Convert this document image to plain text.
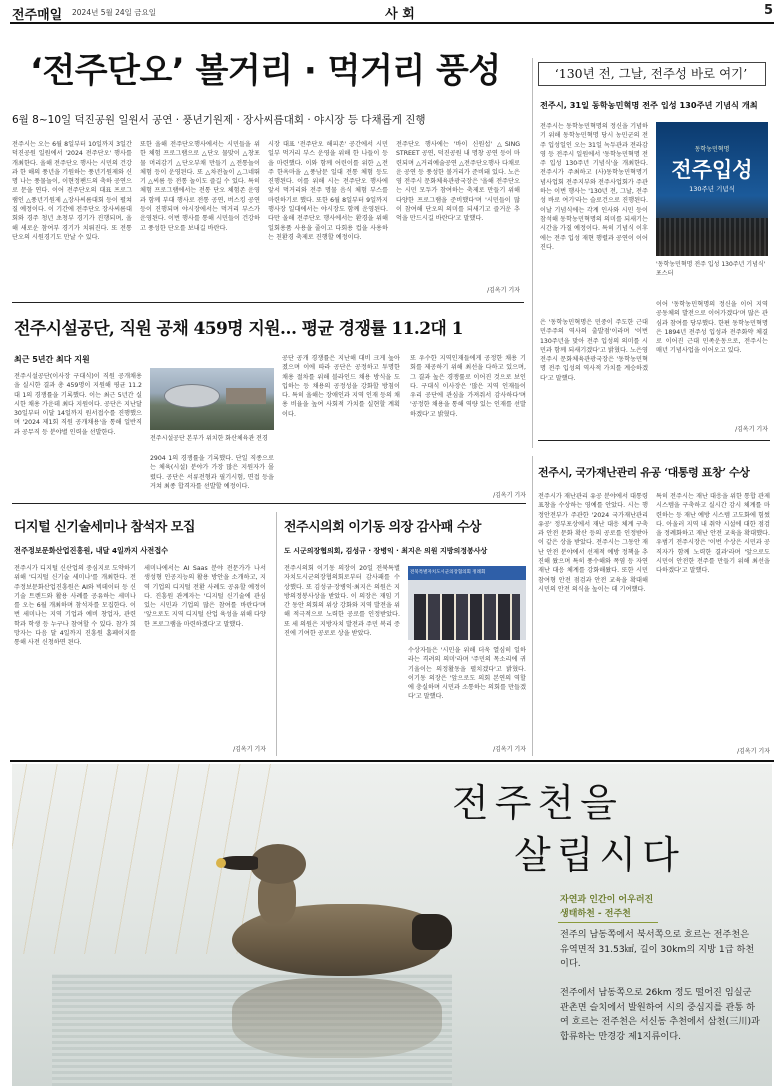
전주매일 2024년 5월 24일 금요일	사 회	5
‘전주단오’ 볼거리 · 먹거리 풍성
6월 8~10일 덕진공원 일원서 공연 · 풍년기원제 · 장사씨름대회 · 야시장 등 다채롭게 진행
전주시는 오는 6월 8일부터 10일까지 3일간 덕진공원 일원에서 '2024 전주단오' 행사를 개최한다. 올해 전주단오 행사는 시민의 건강과 한 해의 풍년을 기원하는 풍년기원제와 신명 나는 풍물놀이, 이현정팬드의 축하 공연으로 문을 연다. 이어 전주단오의 대표 프로그램인 △풍년기원제 △장사씨름대회 등이 펼쳐질 예정이다. 이 기간에 전주단오 장사씨름대회와 경주 청년 초청부 경기가 진행되며, 올해 새로운 참여부 경기가 치뤄진다. 또 전통단오의 시원경기도 만날 수 있다.
또한 올해 전주단오행사에서는 시민들을 위한 체험 프로그램으로 △단오 물맞이 △창포물 머리감기 △단오부채 만들기 △전통놀이 체험 등이 운영된다. 또 △차전놀이 △그네뛰기 △씨름 등 전통 놀이도 즐길 수 있다. 특히 체험 프로그램에서는 전통 단오 체험존 운영과 함께 부대 행사로 전통 공연, 버스킹 공연 등이 진행되며 야시장에서는 먹거리 부스가 운영된다. 이번 행사를 통해 시민들이 건강하고 풍성한 단오를 보내길 바란다.
시장 대표 '전주단오 해피존' 공간에서 시민 일부 먹거리 부스 운영을 위해 한 나들이 등을 마련했다. 이와 함께 어린이를 위한 △전주 한옥마을 △풍남문 일대 전통 체험 등도 진행된다. 이를 위해 시는 전주단오 행사에 앞서 먹거리와 전주 명물 음식 체험 부스를 마련하기로 했다. 또한 6월 8일부터 9일까지 행사장 일대에서는 야시장도 함께 운영된다. 다만 올해 전주단오 행사에서는 환경을 위해 일회용품 사용을 줄이고 다회용 컵을 사용하는 친환경 축제로 진행할 예정이다.
전주단오 행사에는 '바이 신원섭' △SING STREET 공연, 덕진공원 내 명창 공연 등이 마련되며 △거리예술공연 △전주단오행사 다채로운 공연 등 풍성한 볼거리가 준비돼 있다. 노은영 전주시 문화체육관광국장은 '올해 전주단오는 시민 모두가 참여하는 축제로 만들기 위해 다양한 프로그램을 준비했다'며 '시민들이 많이 참여해 단오의 의미를 되새기고 즐거운 추억을 만드시길 바란다'고 말했다.
/김옥기 기자
‘130년 전, 그날, 전주성 바로 여기’
전주시, 31일 동학농민혁명 전주 입성 130주년 기념식 개최
전주시는 동학농민혁명의 정신을 기념하기 위해 동학농민혁명 당시 농민군의 전주 입성일인 오는 31일 녹두관과 전라감영 등 전주시 일원에서 '동학농민혁명 전주 입성 130주년 기념식'을 개최한다. 전주시가 주최하고 (사)동학농민혁명기념사업회 전주지부와 전주사업회가 주관하는 이번 행사는 '130년 전, 그날, 전주성 바로 여기'라는 슬로건으로 진행된다. 이날 기념식에는 각계 인사와 시민 등이 참석해 동학농민혁명의 의미를 되새기는 시간을 가질 예정이다. 특히 기념식 이후에는 전주 입성 재현 행렬과 공연이 이어진다.
동학농민혁명
전주입성
130주년 기념식
'동학농민혁명 전주 입성 130주년 기념식' 포스터
은 '동학농민혁명은 민중이 주도한 근대 민주주의 역사의 출발점'이라며 '이번 130주년을 맞아 전주 입성의 의미를 시민과 함께 되새기겠다'고 밝혔다. 노은영 전주시 문화체육관광국장은 '동학농민혁명 전주 입성의 역사적 가치를 계승하겠다'고 말했다.
이어 '동학농민혁명의 정신을 이어 지역 공동체의 발전으로 이어가겠다'며 많은 관심과 참여를 당부했다. 한편 동학농민혁명은 1894년 전주성 입성과 전주화약 체결로 이어진 근대 민족운동으로, 전주시는 매년 기념사업을 이어오고 있다.
/김옥기 기자
전주시설공단, 직원 공채 459명 지원… 평균 경쟁률 11.2대 1
최근 5년간 최다 지원
전주시설공단(이사장 구대식)이 직원 공개채용을 실시한 결과 총 459명이 지원해 평균 11.2대 1의 경쟁률을 기록했다. 이는 최근 5년간 실시한 채용 가운데 최다 지원이다. 공단은 지난달 30일부터 이달 14일까지 원서접수를 진행했으며 '2024 제1회 직원 공개채용'을 통해 일반직과 공무직 등 분야별 인력을 선발한다.
전주시설공단 본부가 위치한 화산체육관 전경
2904 1의 경쟁률을 기록했다. 단일 직종으로는 체육(시설) 분야가 가장 많은 지원자가 몰렸다. 공단은 서류전형과 필기시험, 면접 등을 거쳐 최종 합격자를 선발할 예정이다.
공단 공개 경쟁률은 지난해 대비 크게 높아졌으며 이에 따라 공단은 공정하고 투명한 채용 절차를 위해 블라인드 채용 방식을 도입하는 등 채용의 공정성을 강화할 방침이다. 특히 올해는 장애인과 지역 인재 등의 채용 비율을 높여 사회적 가치를 실현할 계획이다.
또 우수한 지역인재들에게 공정한 채용 기회를 제공하기 위해 최선을 다하고 있으며, 그 결과 높은 경쟁률로 이어진 것으로 보인다. 구대식 이사장은 '많은 지역 인재들이 우리 공단에 관심을 가져줘서 감사하다'며 '공정한 채용을 통해 역량 있는 인재를 선발하겠다'고 밝혔다.
/김옥기 기자
전주시, 국가재난관리 유공 ‘대통령 표창’ 수상
전주시가 재난관리 유공 분야에서 대통령 표창을 수상하는 영예를 안았다. 시는 행정안전부가 주관한 '2024 국가재난관리 유공' 정부포상에서 재난 대응 체계 구축과 안전 문화 확산 등의 공로를 인정받아 이 같은 상을 받았다. 전주시는 그동안 재난 안전 분야에서 선제적 예방 정책을 추진해 왔으며 특히 풍수해와 폭염 등 자연재난 대응 체계를 강화해왔다. 또한 시민 참여형 안전 점검과 안전 교육을 확대해 시민의 안전 의식을 높이는 데 기여했다.
특히 전주시는 재난 대응을 위한 통합 관제 시스템을 구축하고 실시간 감시 체계를 마련하는 등 재난 예방 시스템 고도화에 힘썼다. 아울러 지역 내 취약 시설에 대한 점검을 정례화하고 재난 안전 교육을 확대했다. 우범기 전주시장은 '이번 수상은 시민과 공직자가 함께 노력한 결과'라며 '앞으로도 시민이 안전한 전주를 만들기 위해 최선을 다하겠다'고 말했다.
/김옥기 기자
디지털 신기술세미나 참석자 모집
전주정보문화산업진흥원, 내달 4일까지 사전접수
전주시가 디지털 신산업의 중심지로 도약하기 위해 '디지털 신기술 세미나'를 개최한다. 전주정보문화산업진흥원은 AI와 빅데이터 등 신기술 트렌드와 활용 사례를 공유하는 세미나를 오는 6월 개최하며 참석자를 모집한다. 이번 세미나는 지역 기업과 예비 창업자, 관련 학과 학생 등 누구나 참여할 수 있다. 참가 희망자는 다음 달 4일까지 진흥원 홈페이지를 통해 사전 신청하면 된다.
세미나에서는 AI Saas 분야 전문가가 나서 생성형 인공지능의 활용 방안을 소개하고, 지역 기업의 디지털 전환 사례도 공유할 예정이다. 진흥원 관계자는 '디지털 신기술에 관심 있는 시민과 기업의 많은 참여를 바란다'며 '앞으로도 지역 디지털 산업 육성을 위해 다양한 프로그램을 마련하겠다'고 말했다.
/김옥기 기자
전주시의회 이기동 의장 감사패 수상
도 시군의장협의회, 김성규 · 장병익 · 최지은 의원 지방의정봉사상
전주시의회 이기동 의장이 20일 전북특별자치도시군의장협의회로부터 감사패를 수상했다. 또 김성규·장병익·최지은 의원은 지방의정봉사상을 받았다. 이 의장은 재임 기간 동안 의회의 위상 강화와 지역 발전을 위해 적극적으로 노력한 공로를 인정받았다. 또 세 의원은 지방자치 발전과 주민 복리 증진에 기여한 공로로 상을 받았다.
전북특별자치도시군의장협의회 정례회
수상자들은 '시민을 위해 더욱 열심히 일하라는 격려의 의미'라며 '주민의 목소리에 귀 기울이는 의정활동을 펼치겠다'고 밝혔다. 이기동 의장은 '앞으로도 의회 본연의 역할에 충실하며 시민과 소통하는 의회를 만들겠다'고 말했다.
/김옥기 기자
전주천을
살립시다
자연과 인간이 어우러진
생태하천 - 전주천
전주의 남동쪽에서 북서쪽으로 흐르는 전주천은 유역면적 31.53㎢, 길이 30km의 지방 1급 하천이다.
전주에서 남동쪽으로 26km 정도 떨어진 임실군 관촌면 슬치에서 발원하여 시의 중심지를 관통 하여 흐르는 전주천은 서신동 추천에서 삼천(三川)과 합류하는 만경강 제1지류이다.
